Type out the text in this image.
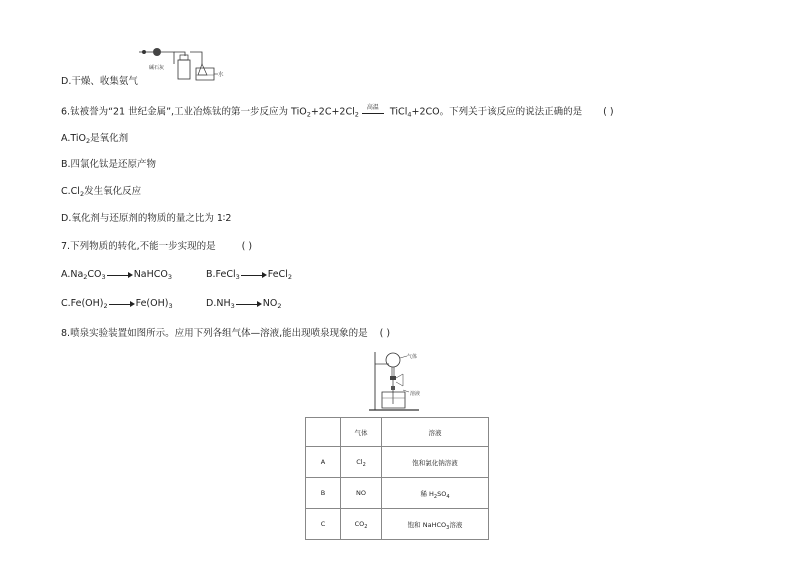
碱石灰
水
D.干燥、收集氨气
6.钛被誉为“21 世纪金属”,工业冶炼钛的第一步反应为 $TiO_2+2C+2Cl_2$
高温 TiCl$_4$+2CO。下列关于该反应的说法正确的是 ( )
A.TiO$_2$是氧化剂
B.四氯化钛是还原产物
$C.Cl_2$发生氧化反应
D.氧化剂与还原剂的物质的量之比为 1∶2
7.下列物质的转化,不能一步实现的是	( )
$A.Na_2CO_3$	NaHCO$_3$	B.FeCl$_3$	FeCl$_2$
$C.Fe(OH)_2$	$Fe(OH)_3$	$D.NH_3$	$NO_2$
8.喷泉实验装置如图所示。应用下列各组气体—溶液,能出现喷泉现象的是 ( )
气体
溶液
	气体	溶液
A	$Cl_2$	饱和氯化钠溶液
B	NO	稀 $H_2SO_4$
C	$CO_2$	饱和 NaHCO$_3$溶液
